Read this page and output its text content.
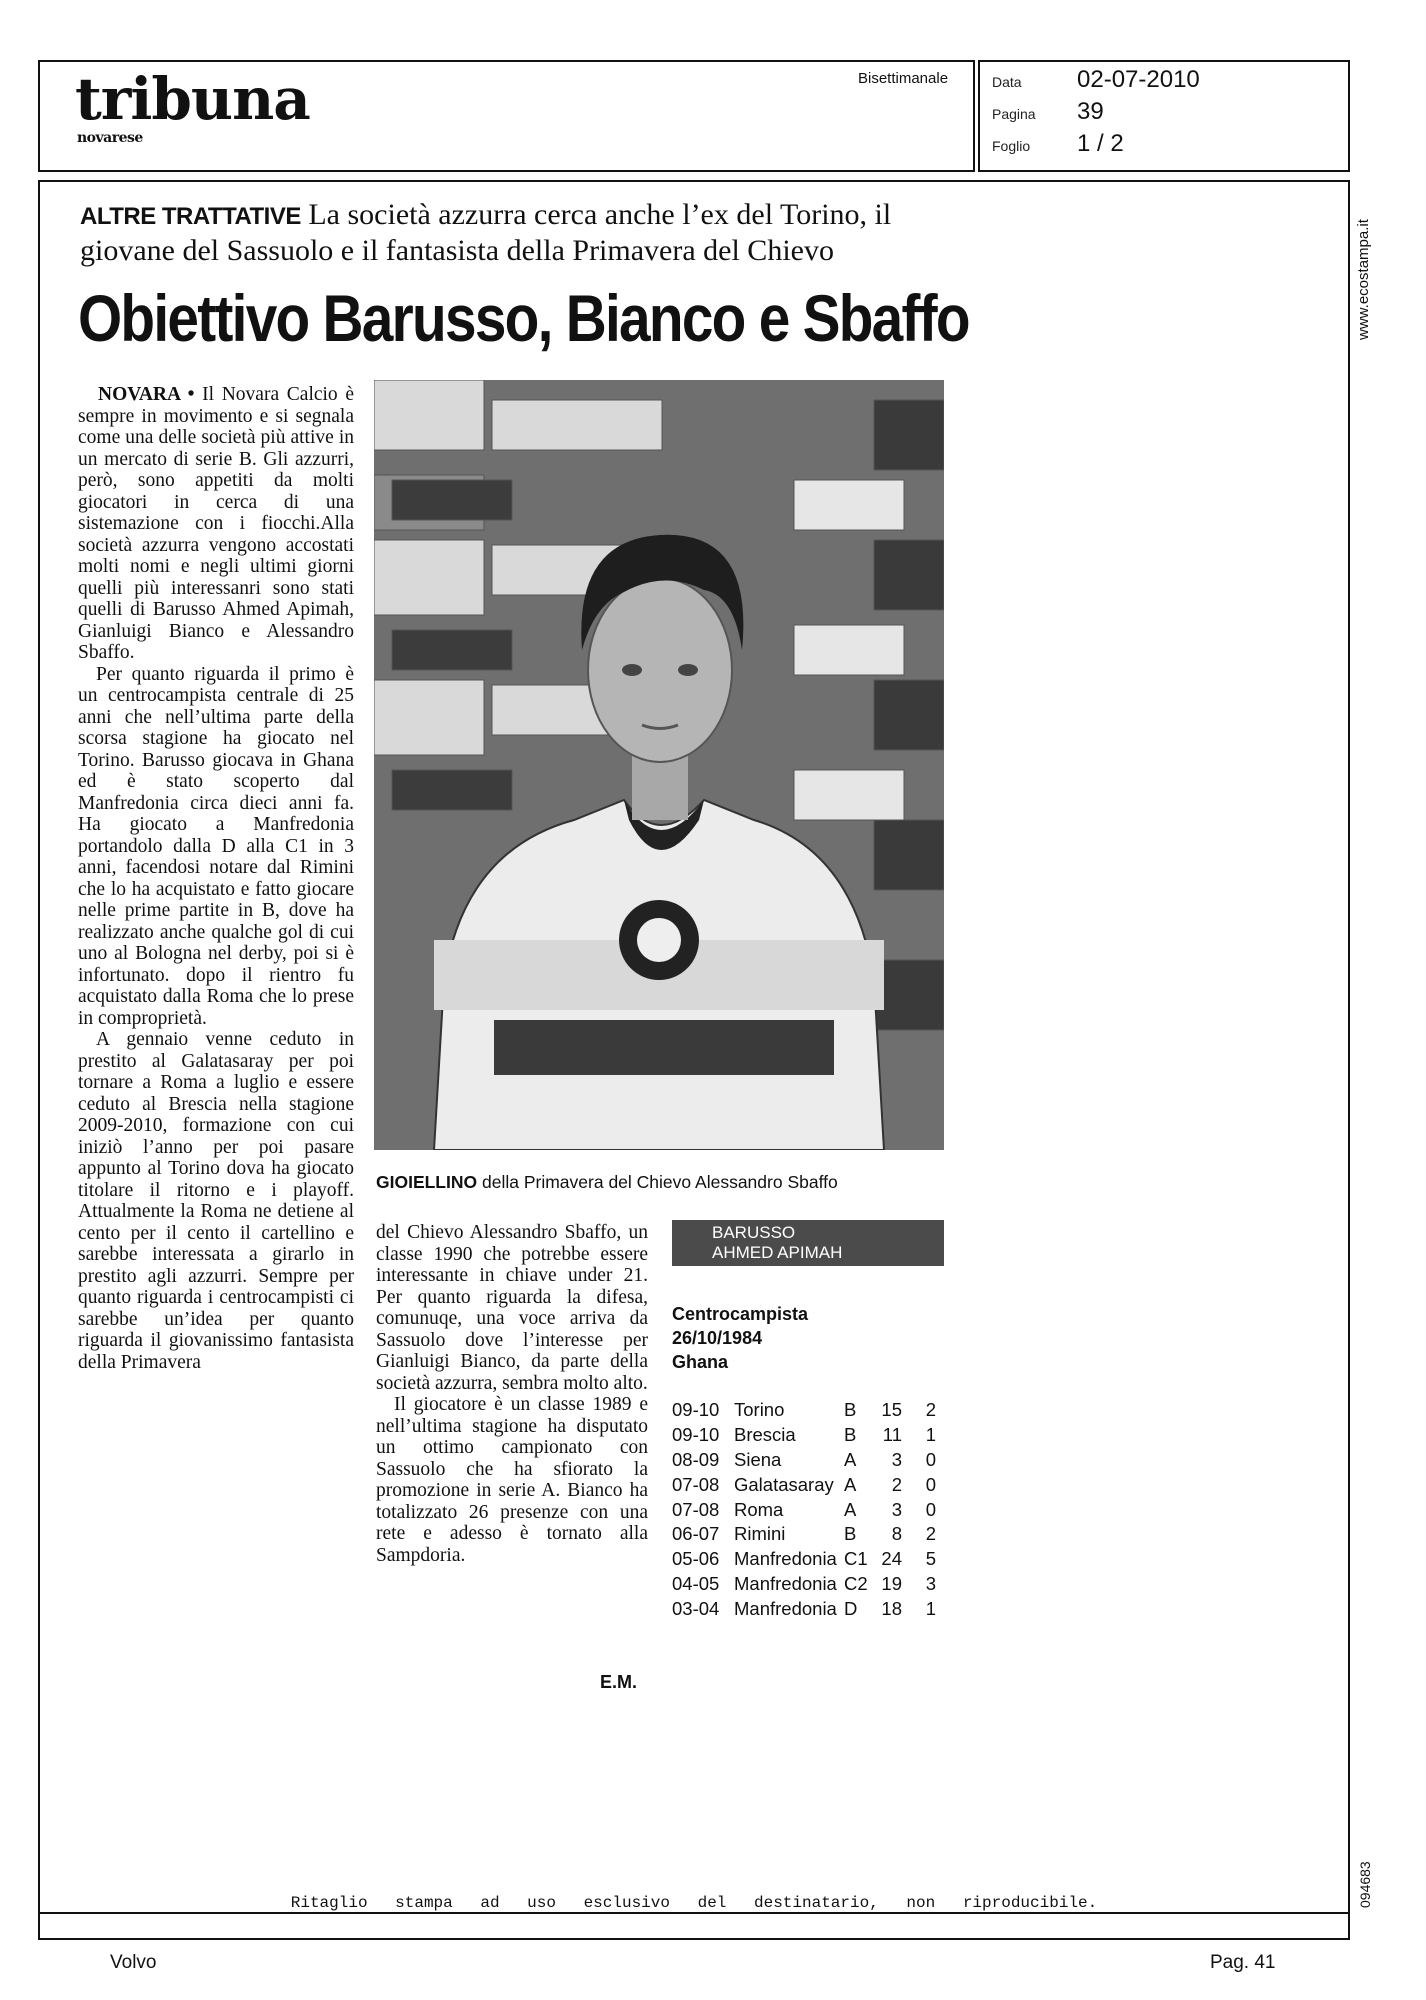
tribuna
novarese
Bisettimanale	Data 02-07-2010
Pagina 39
Foglio 1 / 2
www.ecostampa.it
094683
ALTRE TRATTATIVE La società azzurra cerca anche l’ex del Torino, il giovane del Sassuolo e il fantasista della Primavera del Chievo
Obiettivo Barusso, Bianco e Sbaffo

NOVARA • Il Novara Calcio è sempre in movimento e si segnala come una delle società più attive in un mercato di serie B. Gli azzurri, però, sono appetiti da molti giocatori in cerca di una sistemazione con i fiocchi.Alla società azzurra vengono accostati molti nomi e negli ultimi giorni quelli più interessanri sono stati quelli di Barusso Ahmed Apimah, Gianluigi Bianco e Alessandro Sbaffo.

Per quanto riguarda il primo è un centrocampista centrale di 25 anni che nell’ultima parte della scorsa stagione ha giocato nel Torino. Barusso giocava in Ghana ed è stato scoperto dal Manfredonia circa dieci anni fa. Ha giocato a Manfredonia portandolo dalla D alla C1 in 3 anni, facendosi notare dal Rimini che lo ha acquistato e fatto giocare nelle prime partite in B, dove ha realizzato anche qualche gol di cui uno al Bologna nel derby, poi si è infortunato. dopo il rientro fu acquistato dalla Roma che lo prese in comproprietà.

A gennaio venne ceduto in prestito al Galatasaray per poi tornare a Roma a luglio e essere ceduto al Brescia nella stagione 2009-2010, formazione con cui iniziò l’anno per poi pasare appunto al Torino dova ha giocato titolare il ritorno e i playoff. Attualmente la Roma ne detiene al cento per il cento il cartellino e sarebbe interessata a girarlo in prestito agli azzurri. Sempre per quanto riguarda i centrocampisti ci sarebbe un’idea per quanto riguarda il giovanissimo fantasista della Primavera

GIOIELLINO della Primavera del Chievo Alessandro Sbaffo

del Chievo Alessandro Sbaffo, un classe 1990 che potrebbe essere interessante in chiave under 21. Per quanto riguarda la difesa, comunuqe, una voce arriva da Sassuolo dove l’interesse per Gianluigi Bianco, da parte della società azzurra, sembra molto alto.

Il giocatore è un classe 1989 e nell’ultima stagione ha disputato un ottimo campionato con Sassuolo che ha sfiorato la promozione in serie A. Bianco ha totalizzato 26 presenze con una rete e adesso è tornato alla Sampdoria.

E.M.
BARUSSO
AHMED APIMAH
Centrocampista
26/10/1984
Ghana
09-10	Torino	B	15	2
09-10	Brescia	B	11	1
08-09	Siena	A	3	0
07-08	Galatasaray	A	2	0
07-08	Roma	A	3	0
06-07	Rimini	B	8	2
05-06	Manfredonia	C1	24	5
04-05	Manfredonia	C2	19	3
03-04	Manfredonia	D	18	1
Ritaglio stampa ad uso esclusivo del destinatario, non riproducibile.
Volvo	Pag. 41
